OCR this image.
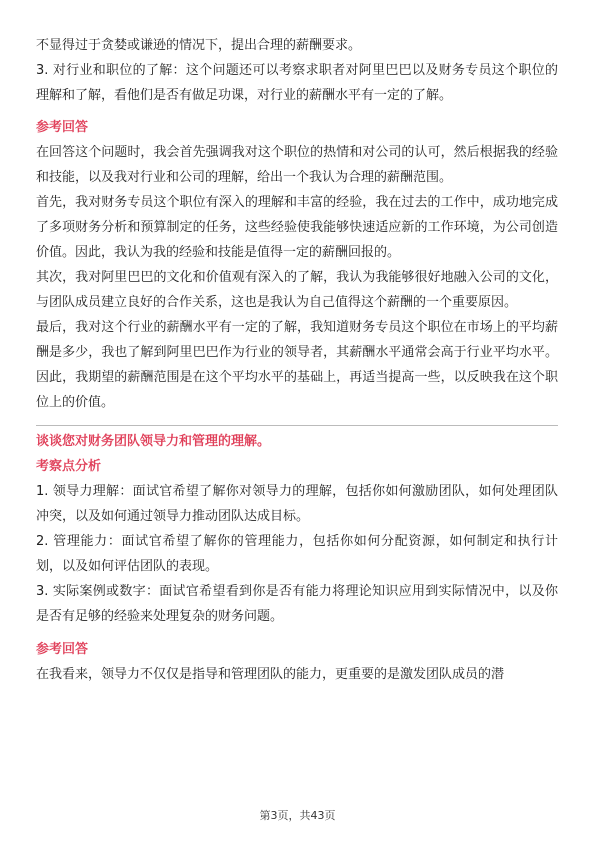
不显得过于贪婪或谦逊的情况下，提出合理的薪酬要求。

3. 对行业和职位的了解：这个问题还可以考察求职者对阿里巴巴以及财务专员这个职位的理解和了解，看他们是否有做足功课，对行业的薪酬水平有一定的了解。

参考回答

在回答这个问题时，我会首先强调我对这个职位的热情和对公司的认可，然后根据我的经验和技能，以及我对行业和公司的理解，给出一个我认为合理的薪酬范围。

首先，我对财务专员这个职位有深入的理解和丰富的经验，我在过去的工作中，成功地完成了多项财务分析和预算制定的任务，这些经验使我能够快速适应新的工作环境，为公司创造价值。因此，我认为我的经验和技能是值得一定的薪酬回报的。

其次，我对阿里巴巴的文化和价值观有深入的了解，我认为我能够很好地融入公司的文化，与团队成员建立良好的合作关系，这也是我认为自己值得这个薪酬的一个重要原因。

最后，我对这个行业的薪酬水平有一定的了解，我知道财务专员这个职位在市场上的平均薪酬是多少，我也了解到阿里巴巴作为行业的领导者，其薪酬水平通常会高于行业平均水平。因此，我期望的薪酬范围是在这个平均水平的基础上，再适当提高一些，以反映我在这个职位上的价值。

谈谈您对财务团队领导力和管理的理解。

考察点分析

1. 领导力理解：面试官希望了解你对领导力的理解，包括你如何激励团队，如何处理团队冲突，以及如何通过领导力推动团队达成目标。

2. 管理能力：面试官希望了解你的管理能力，包括你如何分配资源，如何制定和执行计划，以及如何评估团队的表现。

3. 实际案例或数字：面试官希望看到你是否有能力将理论知识应用到实际情况中，以及你是否有足够的经验来处理复杂的财务问题。

参考回答

在我看来，领导力不仅仅是指导和管理团队的能力，更重要的是激发团队成员的潜

第3页，共43页
